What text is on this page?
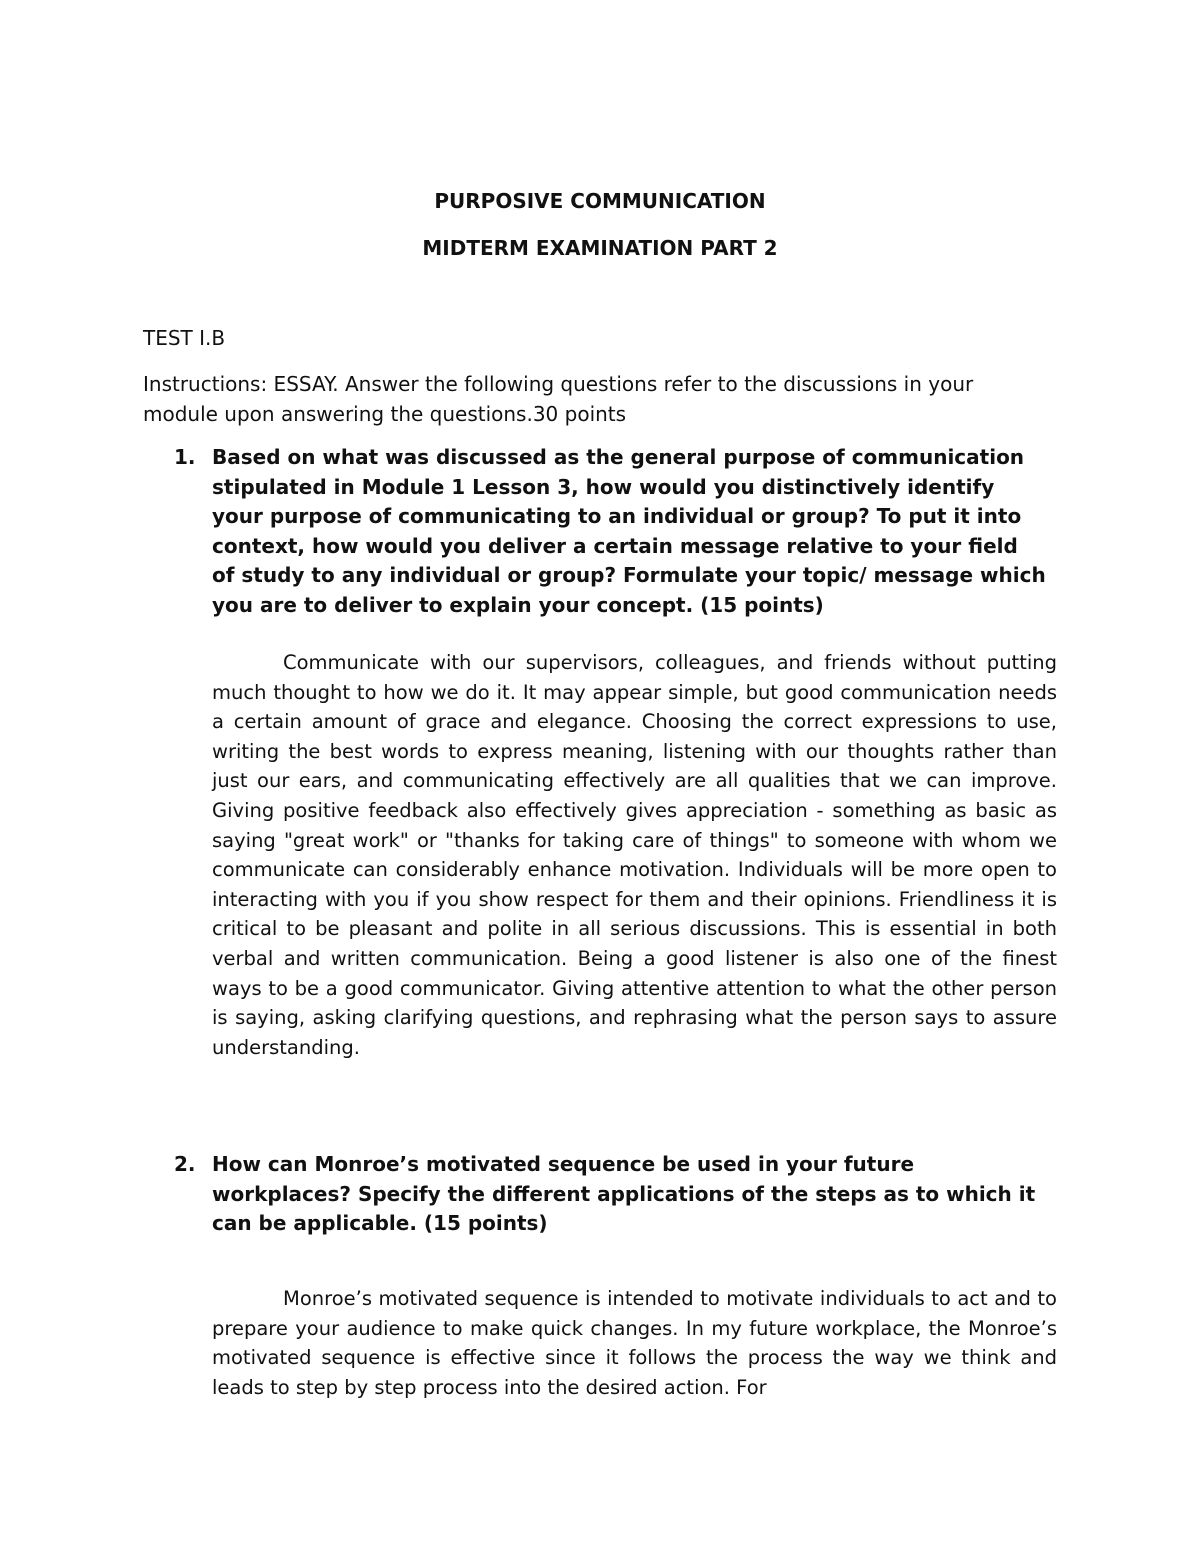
PURPOSIVE COMMUNICATION
MIDTERM EXAMINATION PART 2
TEST I.B
Instructions: ESSAY. Answer the following questions refer to the discussions in your module upon answering the questions.30 points
1. Based on what was discussed as the general purpose of communication stipulated in Module 1 Lesson 3, how would you distinctively identify your purpose of communicating to an individual or group? To put it into context, how would you deliver a certain message relative to your field of study to any individual or group? Formulate your topic/ message which you are to deliver to explain your concept. (15 points)
Communicate with our supervisors, colleagues, and friends without putting much thought to how we do it. It may appear simple, but good communication needs a certain amount of grace and elegance. Choosing the correct expressions to use, writing the best words to express meaning, listening with our thoughts rather than just our ears, and communicating effectively are all qualities that we can improve. Giving positive feedback also effectively gives appreciation - something as basic as saying "great work" or "thanks for taking care of things" to someone with whom we communicate can considerably enhance motivation. Individuals will be more open to interacting with you if you show respect for them and their opinions. Friendliness it is critical to be pleasant and polite in all serious discussions. This is essential in both verbal and written communication. Being a good listener is also one of the finest ways to be a good communicator. Giving attentive attention to what the other person is saying, asking clarifying questions, and rephrasing what the person says to assure understanding.
2. How can Monroe’s motivated sequence be used in your future workplaces? Specify the different applications of the steps as to which it can be applicable. (15 points)
Monroe’s motivated sequence is intended to motivate individuals to act and to prepare your audience to make quick changes. In my future workplace, the Monroe’s motivated sequence is effective since it follows the process the way we think and leads to step by step process into the desired action. For
